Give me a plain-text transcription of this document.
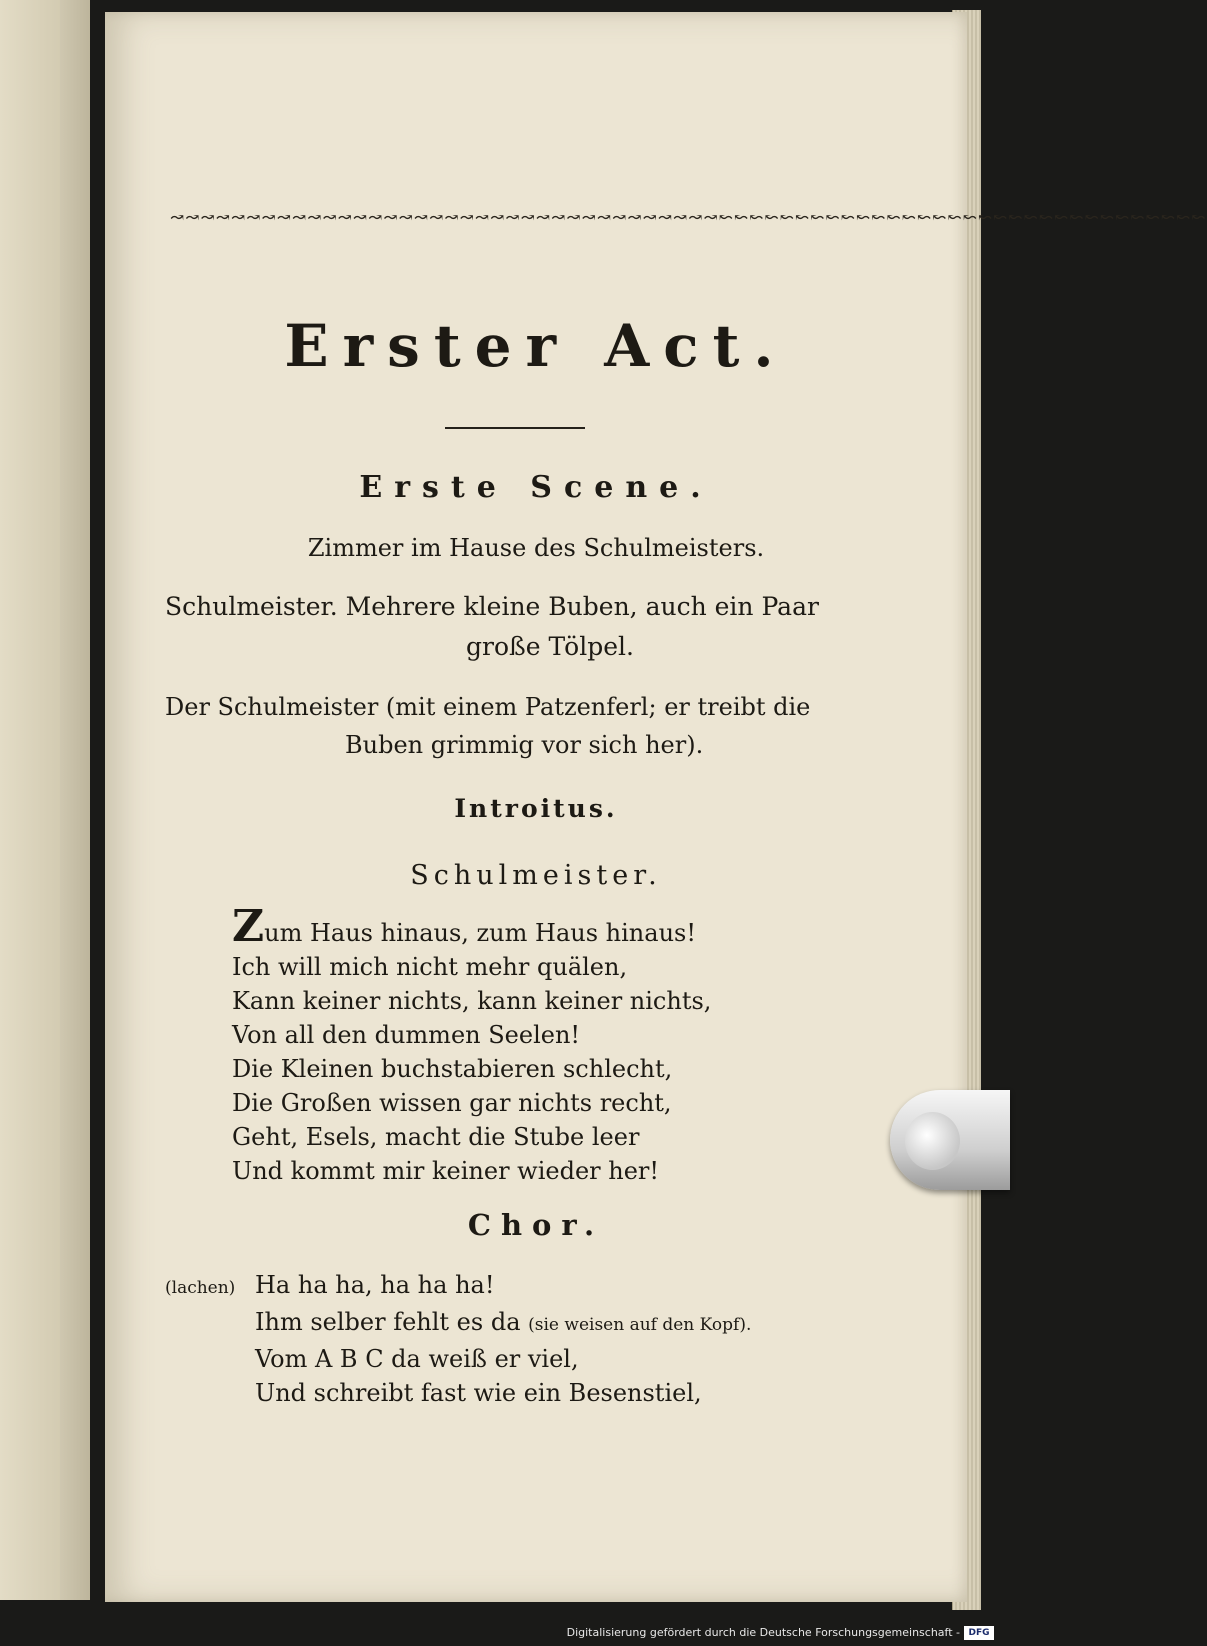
↝↝↝↝↝↝↝↝↝↝↝↝↝↝↝↝↝↝↝↝↝↝↝↝↝↝↝↝↝↝↝↝↝↝↝↝↜↜↜↜↜↜↜↜↜↜↜↜↜↜↜↜↜↜↜↜↜↜↜↜↜↜↜↜↜↜↜↜
Erster Act.
Erste Scene.
Zimmer im Hause des Schulmeisters.
Schulmeister. Mehrere kleine Buben, auch ein Paar
große Tölpel.
Der Schulmeister (mit einem Patzenferl; er treibt die
Buben grimmig vor sich her).
Introitus.
Schulmeister.
Zum Haus hinaus, zum Haus hinaus!
Ich will mich nicht mehr quälen,
Kann keiner nichts, kann keiner nichts,
Von all den dummen Seelen!
Die Kleinen buchstabieren schlecht,
Die Großen wissen gar nichts recht,
Geht, Esels, macht die Stube leer
Und kommt mir keiner wieder her!
Chor.
(lachen) Ha ha ha, ha ha ha!
Ihm selber fehlt es da (sie weisen auf den Kopf).
Vom A B C da weiß er viel,
Und schreibt fast wie ein Besenstiel,
Digitalisierung gefördert durch die Deutsche Forschungsgemeinschaft - DFG
